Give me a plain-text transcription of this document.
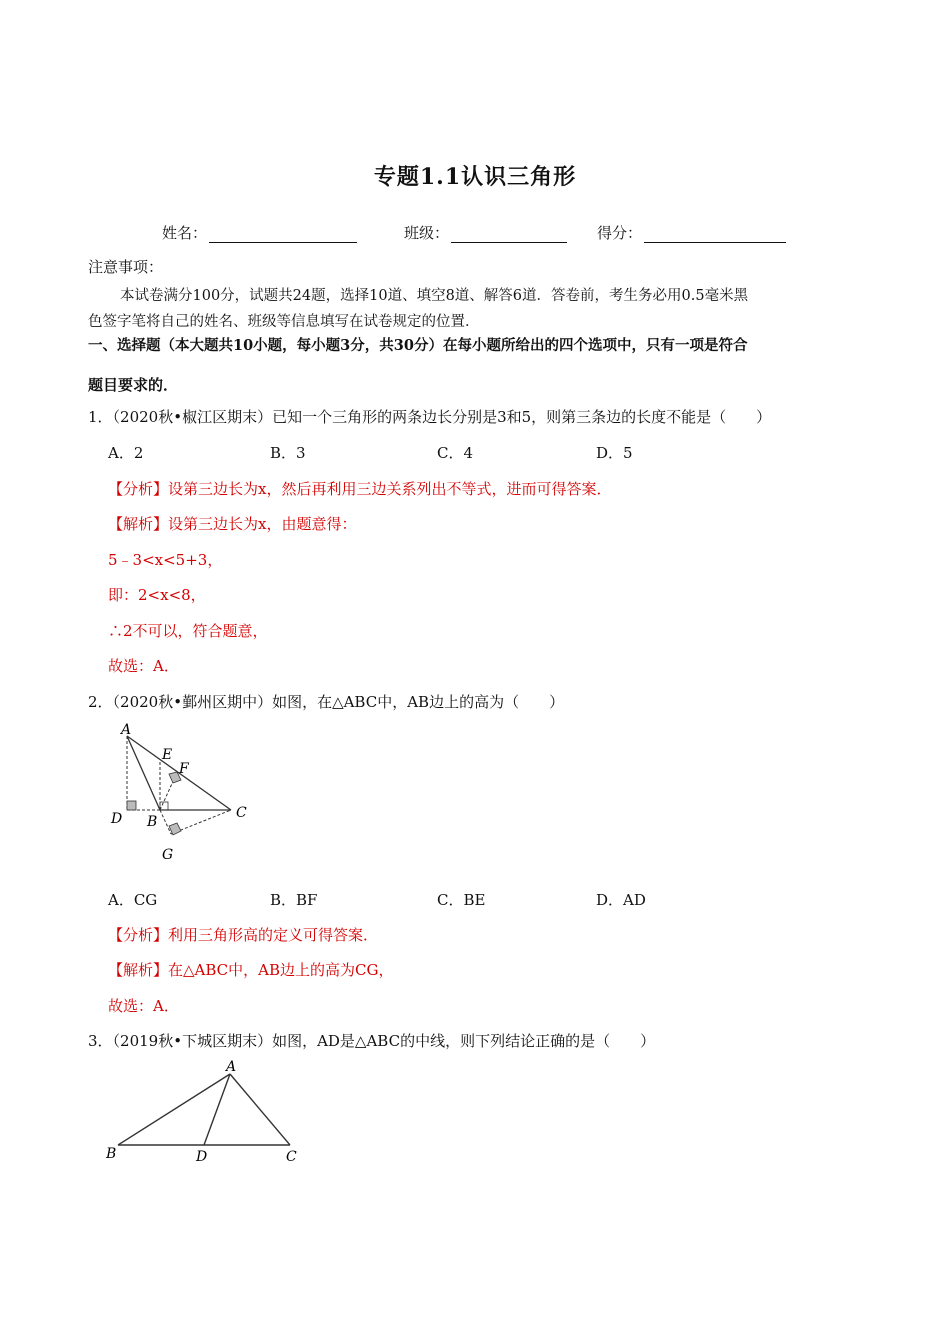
专题1.1认识三角形
姓名：	班级：	得分：
注意事项：
本试卷满分100分，试题共24题，选择10道、填空8道、解答6道．答卷前，考生务必用0.5毫米黑
色签字笔将自己的姓名、班级等信息填写在试卷规定的位置．
一、选择题（本大题共10小题，每小题3分，共30分）在每小题所给出的四个选项中，只有一项是符合
题目要求的．
1．（2020秋•椒江区期末）已知一个三角形的两条边长分别是3和5，则第三条边的长度不能是（　　）
A．2	B．3	C．4	D．5
【分析】设第三边长为x，然后再利用三边关系列出不等式，进而可得答案．
【解析】设第三边长为x，由题意得：
5﹣3<x<5+3，
即：2<x<8，
∴2不可以，符合题意，
故选：A．
2．（2020秋•鄞州区期中）如图，在△ABC中，AB边上的高为（　　）
A
E
F
D B
C
G
A．CG	B．BF	C．BE	D．AD
【分析】利用三角形高的定义可得答案．
【解析】在△ABC中，AB边上的高为CG，
故选：A．
3．（2019秋•下城区期末）如图，AD是△ABC的中线，则下列结论正确的是（　　）
A
B	D	C
